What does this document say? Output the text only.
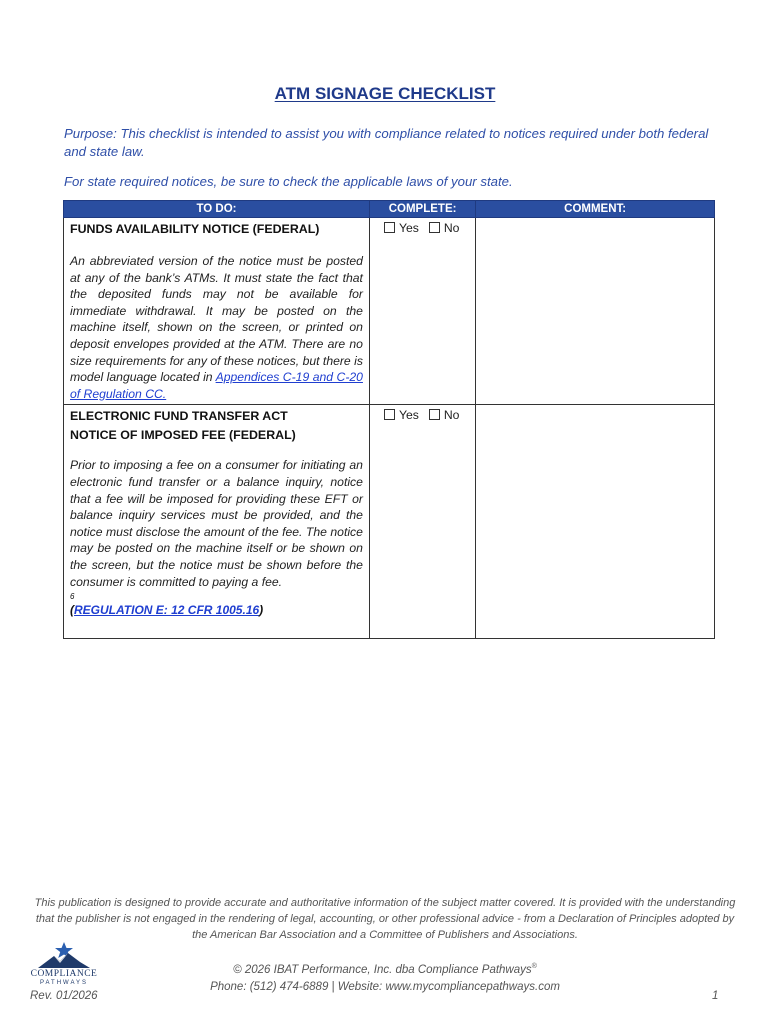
ATM SIGNAGE CHECKLIST
Purpose: This checklist is intended to assist you with compliance related to notices required under both federal and state law.
For state required notices, be sure to check the applicable laws of your state.
TO DO:	COMPLETE:	COMMENT:

FUNDS AVAILABILITY NOTICE (FEDERAL)
An abbreviated version of the notice must be posted at any of the bank’s ATMs. It must state the fact that the deposited funds may not be available for immediate withdrawal. It may be posted on the machine itself, shown on the screen, or printed on deposit envelopes provided at the ATM. There are no size requirements for any of these notices, but there is model language located in Appendices C-19 and C-20 of Regulation CC.	Yes No	

ELECTRONIC FUND TRANSFER ACT
NOTICE OF IMPOSED FEE (FEDERAL)
Prior to imposing a fee on a consumer for initiating an electronic fund transfer or a balance inquiry, notice that a fee will be imposed for providing these EFT or balance inquiry services must be provided, and the notice must disclose the amount of the fee. The notice may be posted on the machine itself or be shown on the screen, but the notice must be shown before the consumer is committed to paying a fee.
6
(REGULATION E: 12 CFR 1005.16)	Yes No	

This publication is designed to provide accurate and authoritative information of the subject matter covered. It is provided with the understanding that the publisher is not engaged in the rendering of legal, accounting, or other professional advice - from a Declaration of Principles adopted by the American Bar Association and a Committee of Publishers and Associations.
COMPLIANCE
PATHWAYS
© 2026 IBAT Performance, Inc. dba Compliance Pathways®
Phone: (512) 474-6889 | Website: www.mycompliancepathways.com
Rev. 01/2026	1
